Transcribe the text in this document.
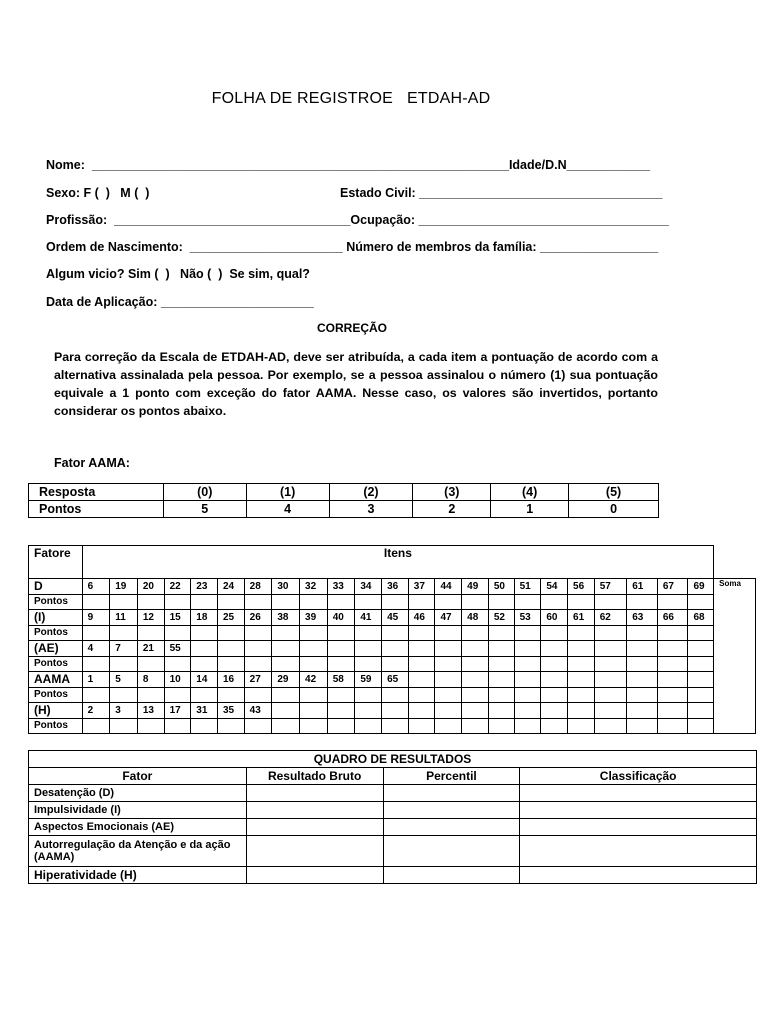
FOLHA DE REGISTROE   ETDAH-AD
Nome:  ____________________________________________________________Idade/D.N____________
Sexo: F (  )   M (  )	Estado Civil: ___________________________________
Profissão:  __________________________________Ocupação: ____________________________________
Ordem de Nascimento:  ______________________ Número de membros da família: _________________
Algum vicio? Sim (  )   Não (  )  Se sim, qual?
Data de Aplicação: ______________________
CORREÇÃO
Para correção da Escala de ETDAH-AD, deve ser atribuída, a cada item a pontuação de acordo com a alternativa assinalada pela pessoa. Por exemplo, se a pessoa assinalou o número (1) sua pontuação equivale a 1 ponto com exceção do fator AAMA. Nesse caso, os valores são invertidos, portanto considerar os pontos abaixo.
Fator AAMA:
Resposta	(0)	(1)	(2)	(3)	(4)	(5)
Pontos	5	4	3	2	1	0
Fatore	Itens																							
D	6	19	20	22	23	24	28	30	32	33	34	36	37	44	49	50	51	54	56	57	61	67	69	Soma
Pontos																								
(I)	9	11	12	15	18	25	26	38	39	40	41	45	46	47	48	52	53	60	61	62	63	66	68	
Pontos																								
(AE)	4	7	21	55																				
Pontos																								
AAMA	1	5	8	10	14	16	27	29	42	58	59	65												
Pontos																								
(H)	2	3	13	17	31	35	43																	
Pontos																								
QUADRO DE RESULTADOS			
Fator	Resultado Bruto	Percentil	Classificação
Desatenção (D)			
Impulsividade (I)			
Aspectos Emocionais (AE)			
Autorregulação da Atenção e da ação (AAMA)			
Hiperatividade (H)			
